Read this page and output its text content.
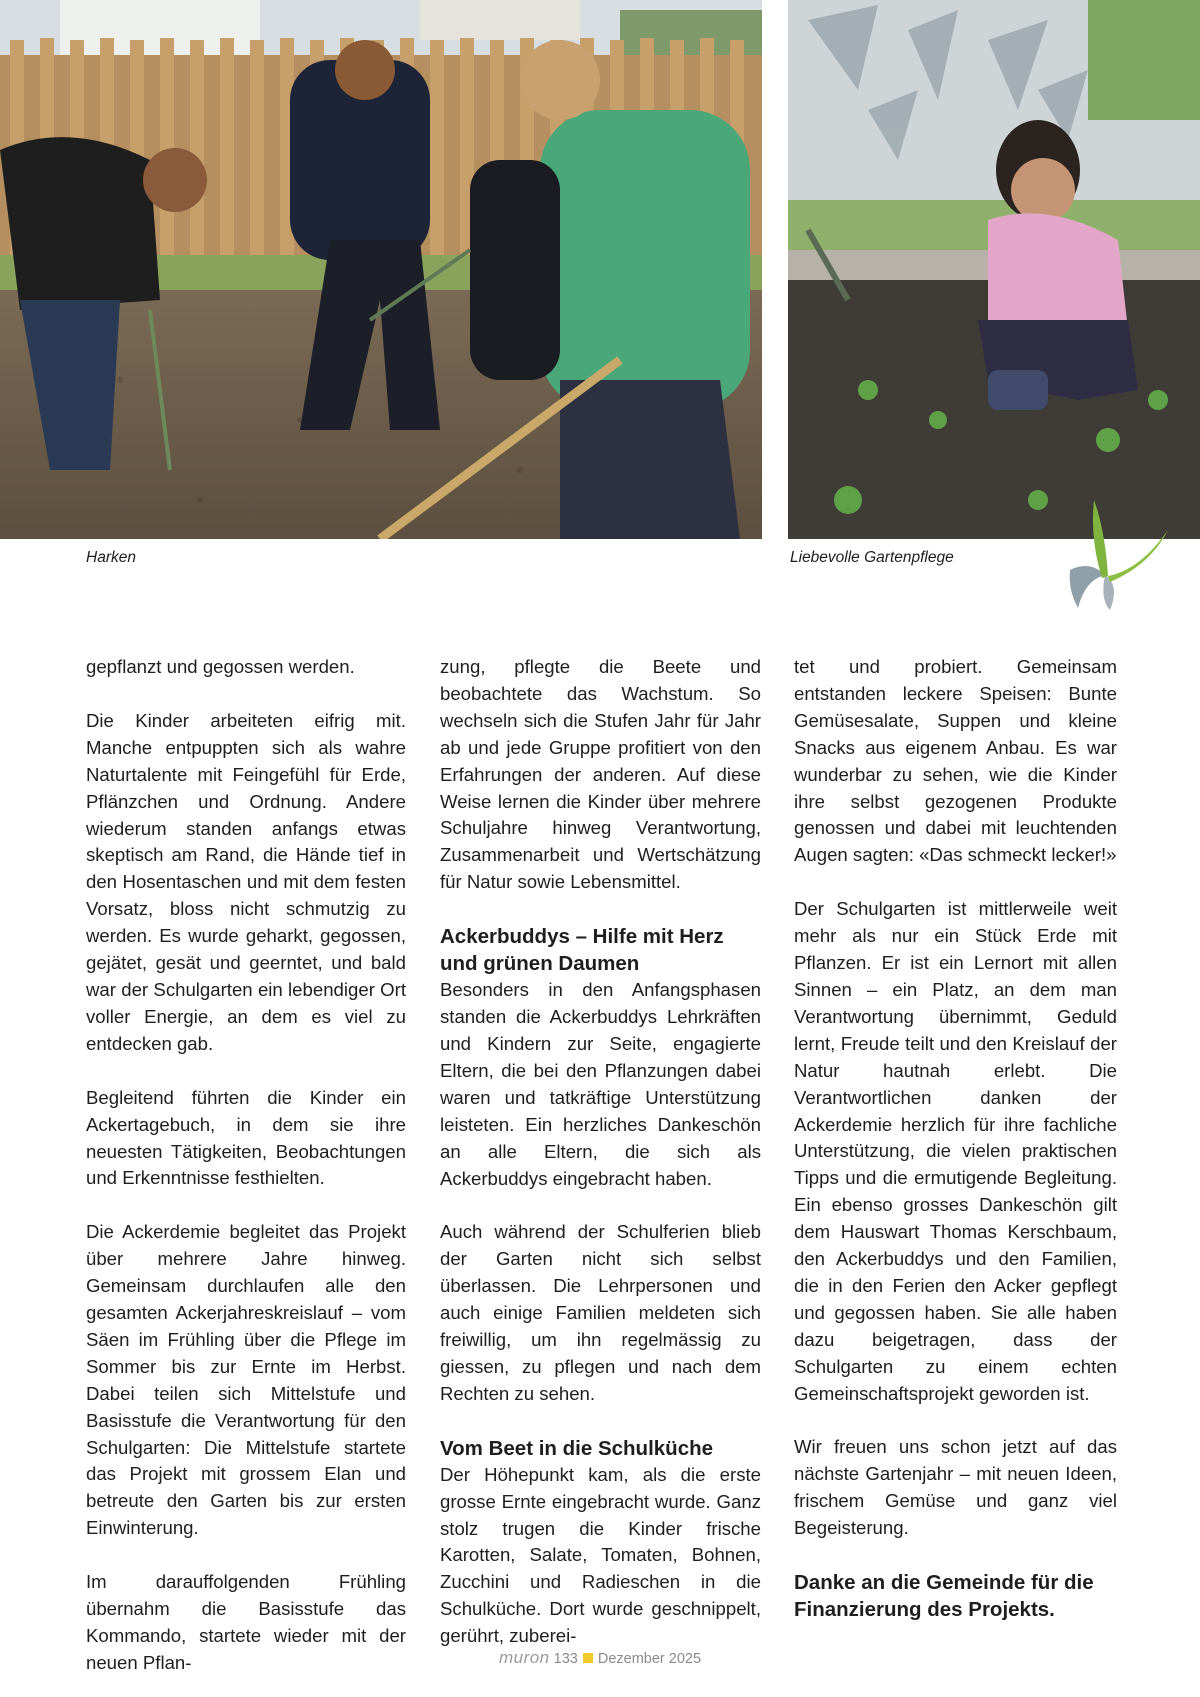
Harken	Liebevolle Gartenpflege

gepflanzt und gegossen werden.

Die Kinder arbeiteten eifrig mit. Manche entpuppten sich als wahre Naturtalente mit Feingefühl für Erde, Pflänzchen und Ordnung. Andere wiederum standen anfangs etwas skeptisch am Rand, die Hände tief in den Hosentaschen und mit dem festen Vorsatz, bloss nicht schmutzig zu werden. Es wurde geharkt, gegossen, gejätet, gesät und geerntet, und bald war der Schulgarten ein lebendiger Ort voller Energie, an dem es viel zu entdecken gab.

Begleitend führten die Kinder ein Ackertagebuch, in dem sie ihre neuesten Tätigkeiten, Beobachtungen und Erkenntnisse festhielten.

Die Ackerdemie begleitet das Projekt über mehrere Jahre hinweg. Gemeinsam durchlaufen alle den gesamten Ackerjahreskreislauf – vom Säen im Frühling über die Pflege im Sommer bis zur Ernte im Herbst. Dabei teilen sich Mittelstufe und Basisstufe die Verantwortung für den Schulgarten: Die Mittelstufe startete das Projekt mit grossem Elan und betreute den Garten bis zur ersten Einwinterung.

Im darauffolgenden Frühling übernahm die Basisstufe das Kommando, startete wieder mit der neuen Pflan-

zung, pflegte die Beete und beobachtete das Wachstum. So wechseln sich die Stufen Jahr für Jahr ab und jede Gruppe profitiert von den Erfahrungen der anderen. Auf diese Weise lernen die Kinder über mehrere Schuljahre hinweg Verantwortung, Zusammenarbeit und Wertschätzung für Natur sowie Lebensmittel.

Ackerbuddys – Hilfe mit Herz und grünen Daumen

Besonders in den Anfangsphasen standen die Ackerbuddys Lehrkräften und Kindern zur Seite, engagierte Eltern, die bei den Pflanzungen dabei waren und tatkräftige Unterstützung leisteten. Ein herzliches Dankeschön an alle Eltern, die sich als Ackerbuddys eingebracht haben.

Auch während der Schulferien blieb der Garten nicht sich selbst überlassen. Die Lehrpersonen und auch einige Familien meldeten sich freiwillig, um ihn regelmässig zu giessen, zu pflegen und nach dem Rechten zu sehen.

Vom Beet in die Schulküche

Der Höhepunkt kam, als die erste grosse Ernte eingebracht wurde. Ganz stolz trugen die Kinder frische Karotten, Salate, Tomaten, Bohnen, Zucchini und Radieschen in die Schulküche. Dort wurde geschnippelt, gerührt, zuberei-

tet und probiert. Gemeinsam entstanden leckere Speisen: Bunte Gemüsesalate, Suppen und kleine Snacks aus eigenem Anbau. Es war wunderbar zu sehen, wie die Kinder ihre selbst gezogenen Produkte genossen und dabei mit leuchtenden Augen sagten: «Das schmeckt lecker!»

Der Schulgarten ist mittlerweile weit mehr als nur ein Stück Erde mit Pflanzen. Er ist ein Lernort mit allen Sinnen – ein Platz, an dem man Verantwortung übernimmt, Geduld lernt, Freude teilt und den Kreislauf der Natur hautnah erlebt. Die Verantwortlichen danken der Ackerdemie herzlich für ihre fachliche Unterstützung, die vielen praktischen Tipps und die ermutigende Begleitung. Ein ebenso grosses Dankeschön gilt dem Hauswart Thomas Kerschbaum, den Ackerbuddys und den Familien, die in den Ferien den Acker gepflegt und gegossen haben. Sie alle haben dazu beigetragen, dass der Schulgarten zu einem echten Gemeinschaftsprojekt geworden ist.

Wir freuen uns schon jetzt auf das nächste Gartenjahr – mit neuen Ideen, frischem Gemüse und ganz viel Begeisterung.

Danke an die Gemeinde für die Finanzierung des Projekts.
muron 133 Dezember 2025
